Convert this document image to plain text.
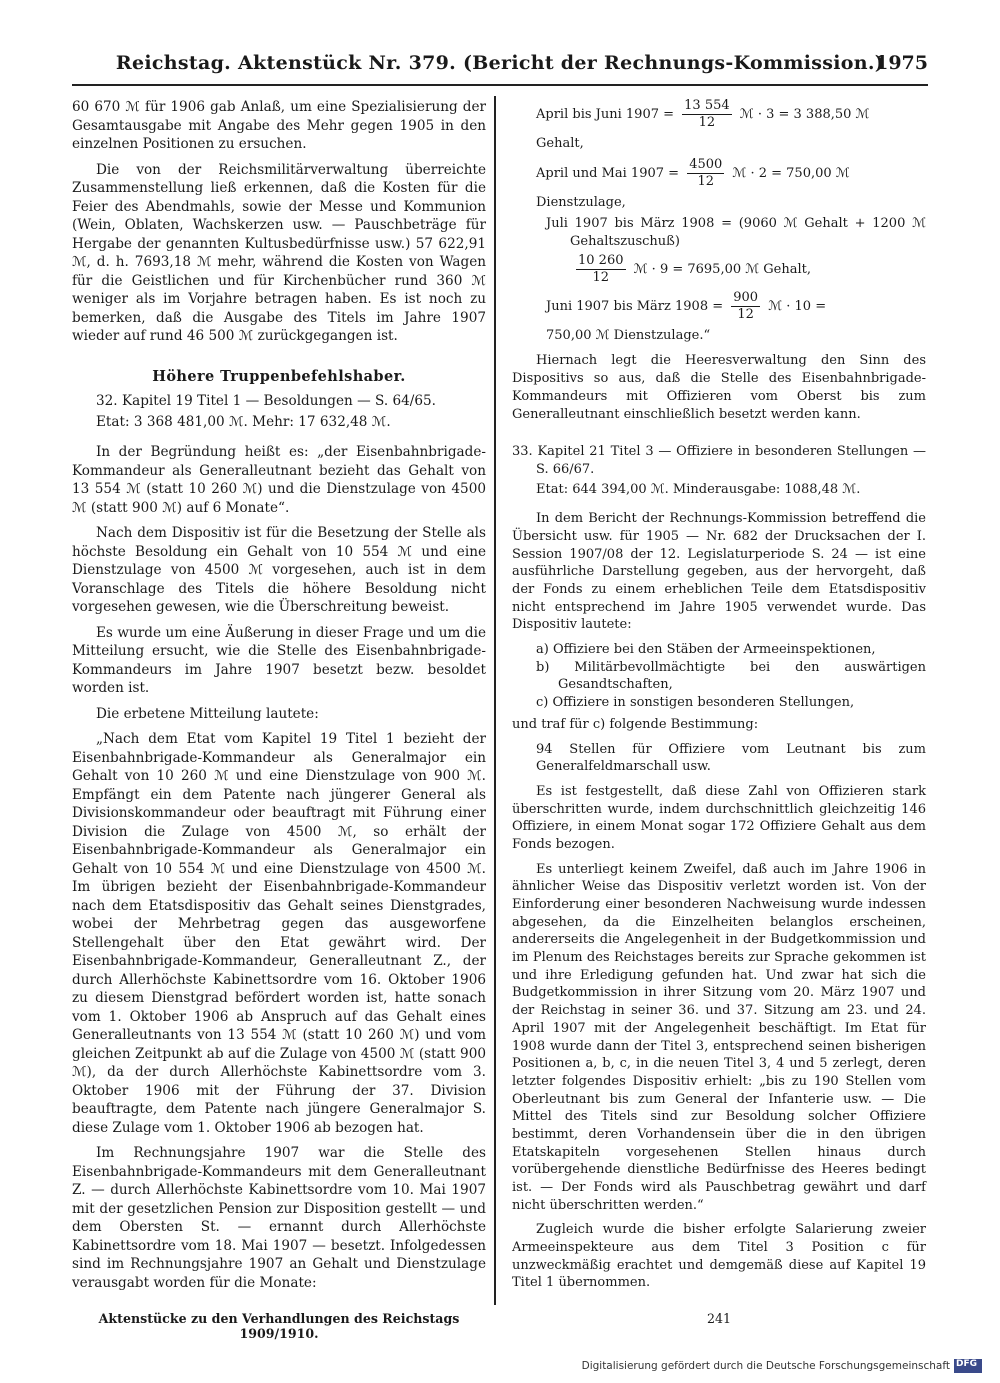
Reichstag. Aktenstück Nr. 379. (Bericht der Rechnungs-Kommission.)
1975

60 670 ℳ für 1906 gab Anlaß, um eine Spezialisierung der Gesamtausgabe mit Angabe des Mehr gegen 1905 in den einzelnen Positionen zu ersuchen.

Die von der Reichsmilitärverwaltung überreichte Zusammenstellung ließ erkennen, daß die Kosten für die Feier des Abendmahls, sowie der Messe und Kommunion (Wein, Oblaten, Wachskerzen usw. — Pauschbeträge für Hergabe der genannten Kultusbedürfnisse usw.) 57 622,91 ℳ, d. h. 7693,18 ℳ mehr, während die Kosten von Wagen für die Geistlichen und für Kirchenbücher rund 360 ℳ weniger als im Vorjahre betragen haben. Es ist noch zu bemerken, daß die Ausgabe des Titels im Jahre 1907 wieder auf rund 46 500 ℳ zurückgegangen ist.

Höhere Truppenbefehlshaber.

32. Kapitel 19 Titel 1 — Besoldungen — S. 64/65.

Etat: 3 368 481,00 ℳ. Mehr: 17 632,48 ℳ.

In der Begründung heißt es: „der Eisenbahnbrigade-Kommandeur als Generalleutnant bezieht das Gehalt von 13 554 ℳ (statt 10 260 ℳ) und die Dienstzulage von 4500 ℳ (statt 900 ℳ) auf 6 Monate“.

Nach dem Dispositiv ist für die Besetzung der Stelle als höchste Besoldung ein Gehalt von 10 554 ℳ und eine Dienstzulage von 4500 ℳ vorgesehen, auch ist in dem Voranschlage des Titels die höhere Besoldung nicht vorgesehen gewesen, wie die Überschreitung beweist.

Es wurde um eine Äußerung in dieser Frage und um die Mitteilung ersucht, wie die Stelle des Eisenbahnbrigade-Kommandeurs im Jahre 1907 besetzt bezw. besoldet worden ist.

Die erbetene Mitteilung lautete:

„Nach dem Etat vom Kapitel 19 Titel 1 bezieht der Eisenbahnbrigade-Kommandeur als Generalmajor ein Gehalt von 10 260 ℳ und eine Dienstzulage von 900 ℳ. Empfängt ein dem Patente nach jüngerer General als Divisionskommandeur oder beauftragt mit Führung einer Division die Zulage von 4500 ℳ, so erhält der Eisenbahnbrigade-Kommandeur als Generalmajor ein Gehalt von 10 554 ℳ und eine Dienstzulage von 4500 ℳ. Im übrigen bezieht der Eisenbahnbrigade-Kommandeur nach dem Etatsdispositiv das Gehalt seines Dienstgrades, wobei der Mehrbetrag gegen das ausgeworfene Stellengehalt über den Etat gewährt wird. Der Eisenbahnbrigade-Kommandeur, Generalleutnant Z., der durch Allerhöchste Kabinettsordre vom 16. Oktober 1906 zu diesem Dienstgrad befördert worden ist, hatte sonach vom 1. Oktober 1906 ab Anspruch auf das Gehalt eines Generalleutnants von 13 554 ℳ (statt 10 260 ℳ) und vom gleichen Zeitpunkt ab auf die Zulage von 4500 ℳ (statt 900 ℳ), da der durch Allerhöchste Kabinettsordre vom 3. Oktober 1906 mit der Führung der 37. Division beauftragte, dem Patente nach jüngere Generalmajor S. diese Zulage vom 1. Oktober 1906 ab bezogen hat.

Im Rechnungsjahre 1907 war die Stelle des Eisenbahnbrigade-Kommandeurs mit dem Generalleutnant Z. — durch Allerhöchste Kabinettsordre vom 10. Mai 1907 mit der gesetzlichen Pension zur Disposition gestellt — und dem Obersten St. — ernannt durch Allerhöchste Kabinettsordre vom 18. Mai 1907 — besetzt. Infolgedessen sind im Rechnungsjahre 1907 an Gehalt und Dienstzulage verausgabt worden für die Monate:

April bis Juni $1907 = \frac{13 554}{12}$ ℳ · 3 = 3 388,50 ℳ
Gehalt,
April und Mai $1907 = \frac{4500}{12}$ ℳ · 2 = 750,00 ℳ
Dienstzulage,
Juli 1907 bis März 1908 = (9060 ℳ Gehalt + 1200 ℳ Gehaltszuschuß)
$\frac{10 260}{12}$ ℳ · 9 = 7695,00 ℳ Gehalt,
Juni 1907 bis März $1908 = \frac{900}{12}$ ℳ · 10 =
750,00 ℳ Dienstzulage.“

Hiernach legt die Heeresverwaltung den Sinn des Dispositivs so aus, daß die Stelle des Eisenbahnbrigade-Kommandeurs mit Offizieren vom Oberst bis zum Generalleutnant einschließlich besetzt werden kann.

33. Kapitel 21 Titel 3 — Offiziere in besonderen Stellungen — S. 66/67.

Etat: 644 394,00 ℳ. Minderausgabe: 1088,48 ℳ.

In dem Bericht der Rechnungs-Kommission betreffend die Übersicht usw. für 1905 — Nr. 682 der Drucksachen der I. Session 1907/08 der 12. Legislaturperiode S. 24 — ist eine ausführliche Darstellung gegeben, aus der hervorgeht, daß der Fonds zu einem erheblichen Teile dem Etatsdispositiv nicht entsprechend im Jahre 1905 verwendet wurde. Das Dispositiv lautete:

a) Offiziere bei den Stäben der Armeeinspektionen,
b) Militärbevollmächtigte bei den auswärtigen Gesandtschaften,
c) Offiziere in sonstigen besonderen Stellungen,

und traf für c) folgende Bestimmung:

94 Stellen für Offiziere vom Leutnant bis zum Generalfeldmarschall usw.

Es ist festgestellt, daß diese Zahl von Offizieren stark überschritten wurde, indem durchschnittlich gleichzeitig 146 Offiziere, in einem Monat sogar 172 Offiziere Gehalt aus dem Fonds bezogen.

Es unterliegt keinem Zweifel, daß auch im Jahre 1906 in ähnlicher Weise das Dispositiv verletzt worden ist. Von der Einforderung einer besonderen Nachweisung wurde indessen abgesehen, da die Einzelheiten belanglos erscheinen, andererseits die Angelegenheit in der Budgetkommission und im Plenum des Reichstages bereits zur Sprache gekommen ist und ihre Erledigung gefunden hat. Und zwar hat sich die Budgetkommission in ihrer Sitzung vom 20. März 1907 und der Reichstag in seiner 36. und 37. Sitzung am 23. und 24. April 1907 mit der Angelegenheit beschäftigt. Im Etat für 1908 wurde dann der Titel 3, entsprechend seinen bisherigen Positionen a, b, c, in die neuen Titel 3, 4 und 5 zerlegt, deren letzter folgendes Dispositiv erhielt: „bis zu 190 Stellen vom Oberleutnant bis zum General der Infanterie usw. — Die Mittel des Titels sind zur Besoldung solcher Offiziere bestimmt, deren Vorhandensein über die in den übrigen Etatskapiteln vorgesehenen Stellen hinaus durch vorübergehende dienstliche Bedürfnisse des Heeres bedingt ist. — Der Fonds wird als Pauschbetrag gewährt und darf nicht überschritten werden.“

Zugleich wurde die bisher erfolgte Salarierung zweier Armeeinspekteure aus dem Titel 3 Position c für unzweckmäßig erachtet und demgemäß diese auf Kapitel 19 Titel 1 übernommen.

Aktenstücke zu den Verhandlungen des Reichstags 1909/1910.
241
Digitalisierung gefördert durch die Deutsche Forschungsgemeinschaft
DFG
